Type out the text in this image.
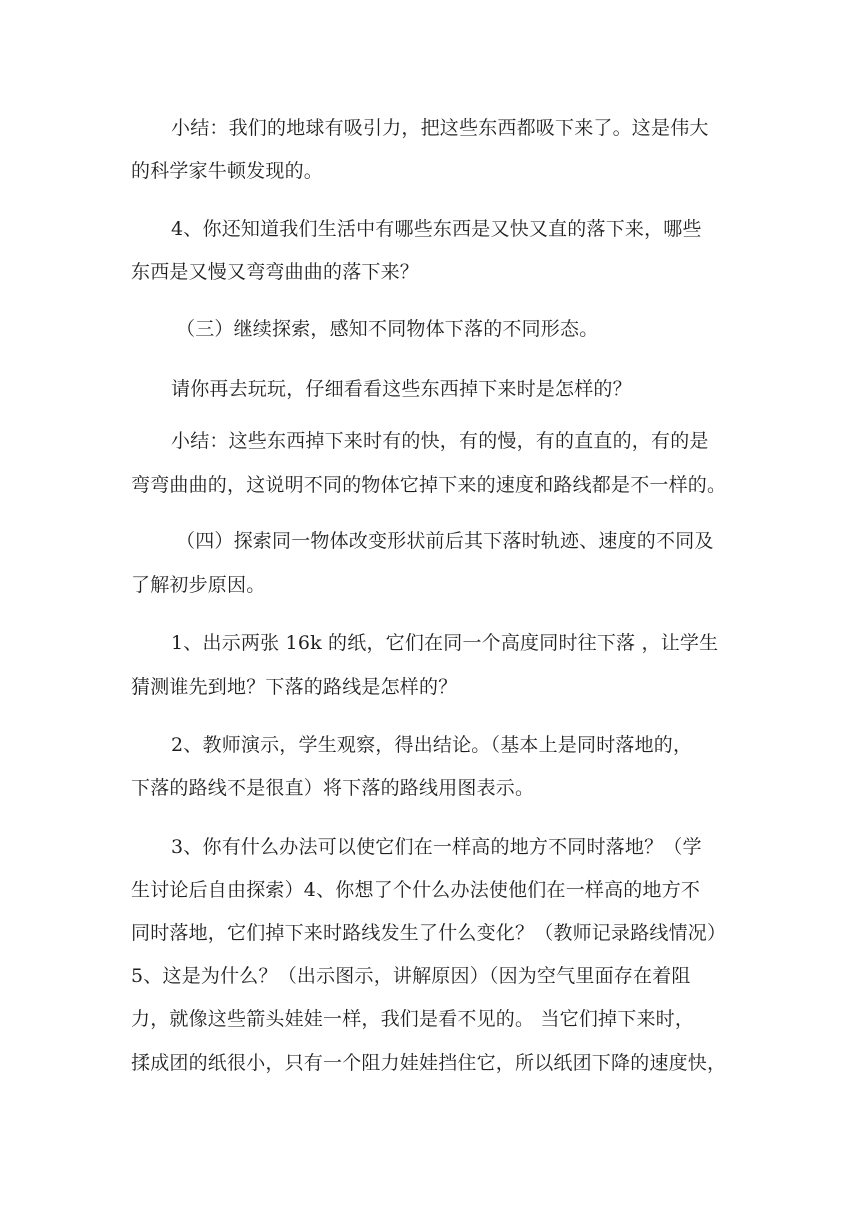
小结：我们的地球有吸引力，把这些东西都吸下来了。这是伟大
的科学家牛顿发现的。
4、你还知道我们生活中有哪些东西是又快又直的落下来，哪些
东西是又慢又弯弯曲曲的落下来？
（三）继续探索，感知不同物体下落的不同形态。
请你再去玩玩，仔细看看这些东西掉下来时是怎样的？
小结：这些东西掉下来时有的快，有的慢，有的直直的，有的是
弯弯曲曲的，这说明不同的物体它掉下来的速度和路线都是不一样的。
（四）探索同一物体改变形状前后其下落时轨迹、速度的不同及
了解初步原因。
1、出示两张 16k 的纸，它们在同一个高度同时往下落 ，让学生
猜测谁先到地？下落的路线是怎样的？
2、教师演示，学生观察，得出结论。（基本上是同时落地的，
下落的路线不是很直）将下落的路线用图表示。
3、你有什么办法可以使它们在一样高的地方不同时落地？（学
生讨论后自由探索）4、你想了个什么办法使他们在一样高的地方不
同时落地，它们掉下来时路线发生了什么变化？（教师记录路线情况）
5、这是为什么？（出示图示，讲解原因）（因为空气里面存在着阻
力，就像这些箭头娃娃一样，我们是看不见的。 当它们掉下来时，
揉成团的纸很小，只有一个阻力娃娃挡住它，所以纸团下降的速度快，
